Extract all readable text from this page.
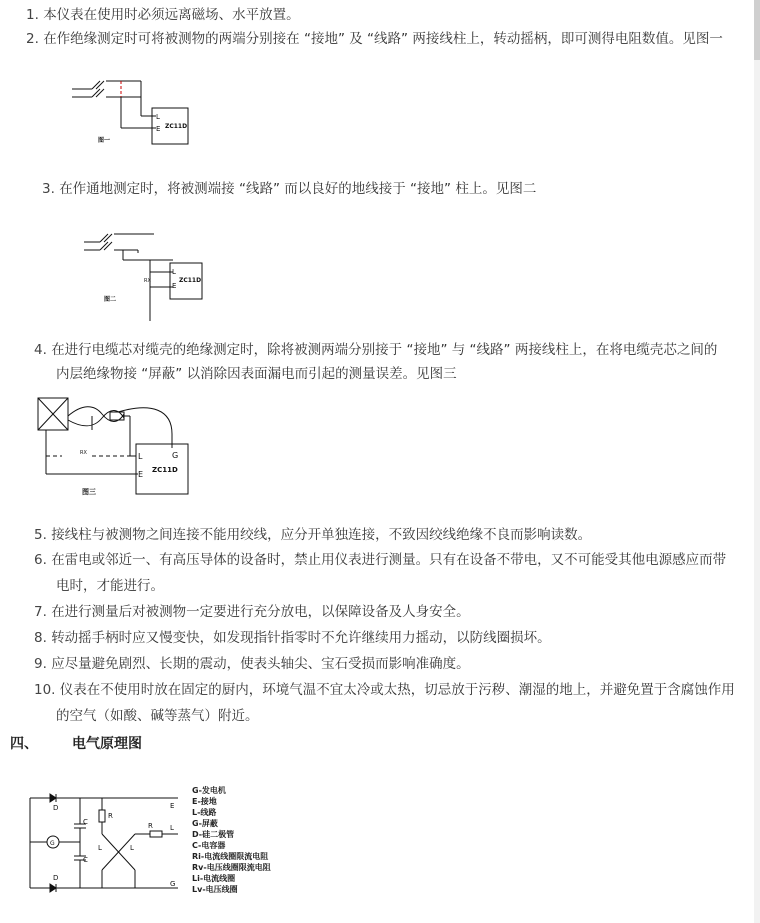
1. 本仪表在使用时必须远离磁场、水平放置。
2. 在作绝缘测定时可将被测物的两端分别接在 “接地” 及 “线路” 两接线柱上，转动摇柄，即可测得电阻数值。见图一
L
E ZC11D
图一
3. 在作通地测定时，将被测端接 “线路” 而以良好的地线接于 “接地” 柱上。见图二
RX
L
E
ZC11D
图二
4. 在进行电缆芯对缆壳的绝缘测定时，除将被测两端分别接于 “接地” 与 “线路” 两接线柱上，在将电缆壳芯之间的
内层绝缘物接 “屏蔽” 以消除因表面漏电而引起的测量误差。见图三
RX	L
E
G
ZC11D
图三
5. 接线柱与被测物之间连接不能用绞线，应分开单独连接，不致因绞线绝缘不良而影响读数。
6. 在雷电或邻近一、有高压导体的设备时，禁止用仪表进行测量。只有在设备不带电，又不可能受其他电源感应而带
电时，才能进行。
7. 在进行测量后对被测物一定要进行充分放电，以保障设备及人身安全。
8. 转动摇手柄时应又慢变快，如发现指针指零时不允许继续用力摇动，以防线圈损坏。
9. 应尽量避免剧烈、长期的震动，使表头轴尖、宝石受损而影响准确度。
10. 仪表在不使用时放在固定的厨内，环境气温不宜太冷或太热，切忌放于污秽、潮湿的地上，并避免置于含腐蚀作用
的空气（如酸、碱等蒸气）附近。
四、 电气原理图
D
D
C
C
G
R
R
L	L
E
L
G
G-发电机
E-接地
L-线路
G-屏蔽
D-硅二极管
C-电容器
Ri-电流线圈限流电阻
Rv-电压线圈限流电阻
Li-电流线圈
Lv-电压线圈
